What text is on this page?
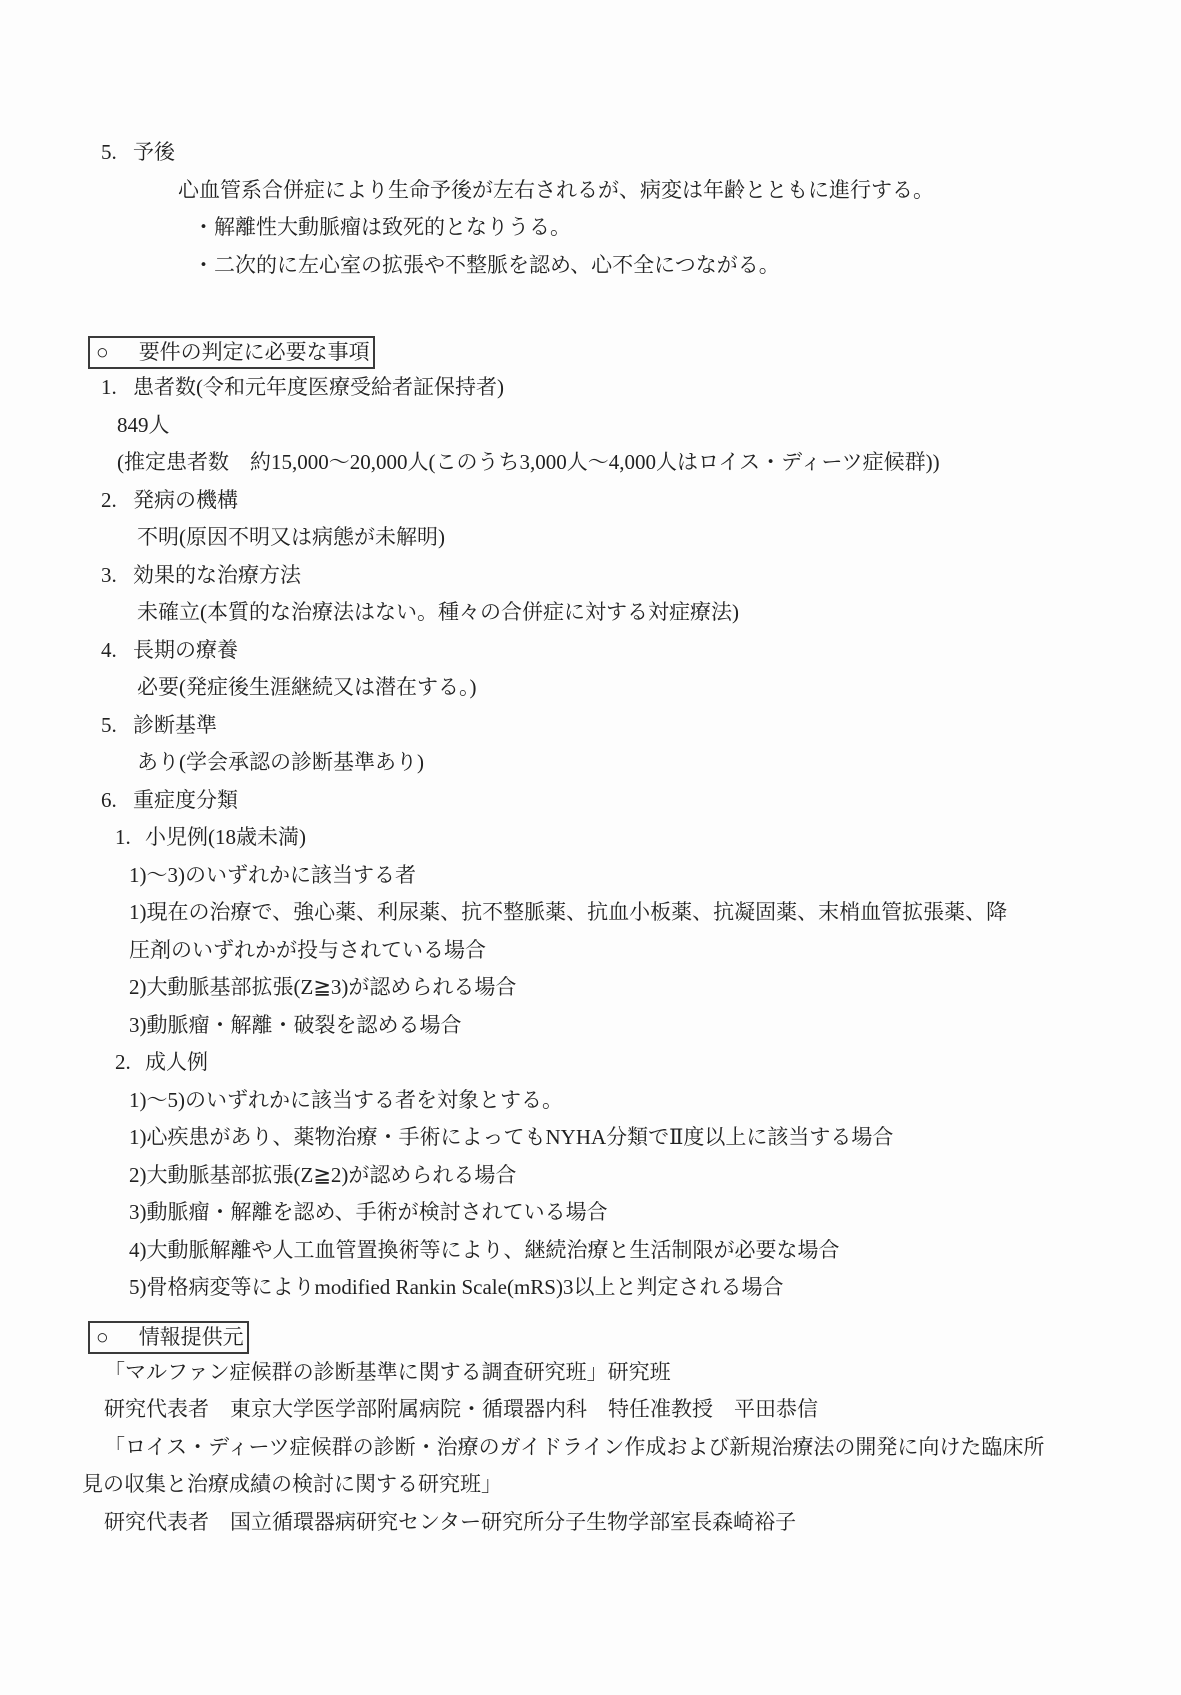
5. 予後
心血管系合併症により生命予後が左右されるが、病変は年齢とともに進行する。
・解離性大動脈瘤は致死的となりうる。
・二次的に左心室の拡張や不整脈を認め、心不全につながる。
○ 要件の判定に必要な事項
1. 患者数(令和元年度医療受給者証保持者)
849人
(推定患者数　約15,000〜20,000人(このうち3,000人〜4,000人はロイス・ディーツ症候群))
2. 発病の機構
不明(原因不明又は病態が未解明)
3. 効果的な治療方法
未確立(本質的な治療法はない。種々の合併症に対する対症療法)
4. 長期の療養
必要(発症後生涯継続又は潜在する。)
5. 診断基準
あり(学会承認の診断基準あり)
6. 重症度分類
1. 小児例(18歳未満)
1)〜3)のいずれかに該当する者
1)現在の治療で、強心薬、利尿薬、抗不整脈薬、抗血小板薬、抗凝固薬、末梢血管拡張薬、降
圧剤のいずれかが投与されている場合
2)大動脈基部拡張(Z≧3)が認められる場合
3)動脈瘤・解離・破裂を認める場合
2. 成人例
1)〜5)のいずれかに該当する者を対象とする。
1)心疾患があり、薬物治療・手術によってもNYHA分類でⅡ度以上に該当する場合
2)大動脈基部拡張(Z≧2)が認められる場合
3)動脈瘤・解離を認め、手術が検討されている場合
4)大動脈解離や人工血管置換術等により、継続治療と生活制限が必要な場合
5)骨格病変等によりmodified Rankin Scale(mRS)3以上と判定される場合
○ 情報提供元
「マルファン症候群の診断基準に関する調査研究班」研究班
研究代表者　東京大学医学部附属病院・循環器内科　特任准教授　平田恭信
「ロイス・ディーツ症候群の診断・治療のガイドライン作成および新規治療法の開発に向けた臨床所
見の収集と治療成績の検討に関する研究班」
研究代表者　国立循環器病研究センター研究所分子生物学部室長森崎裕子
